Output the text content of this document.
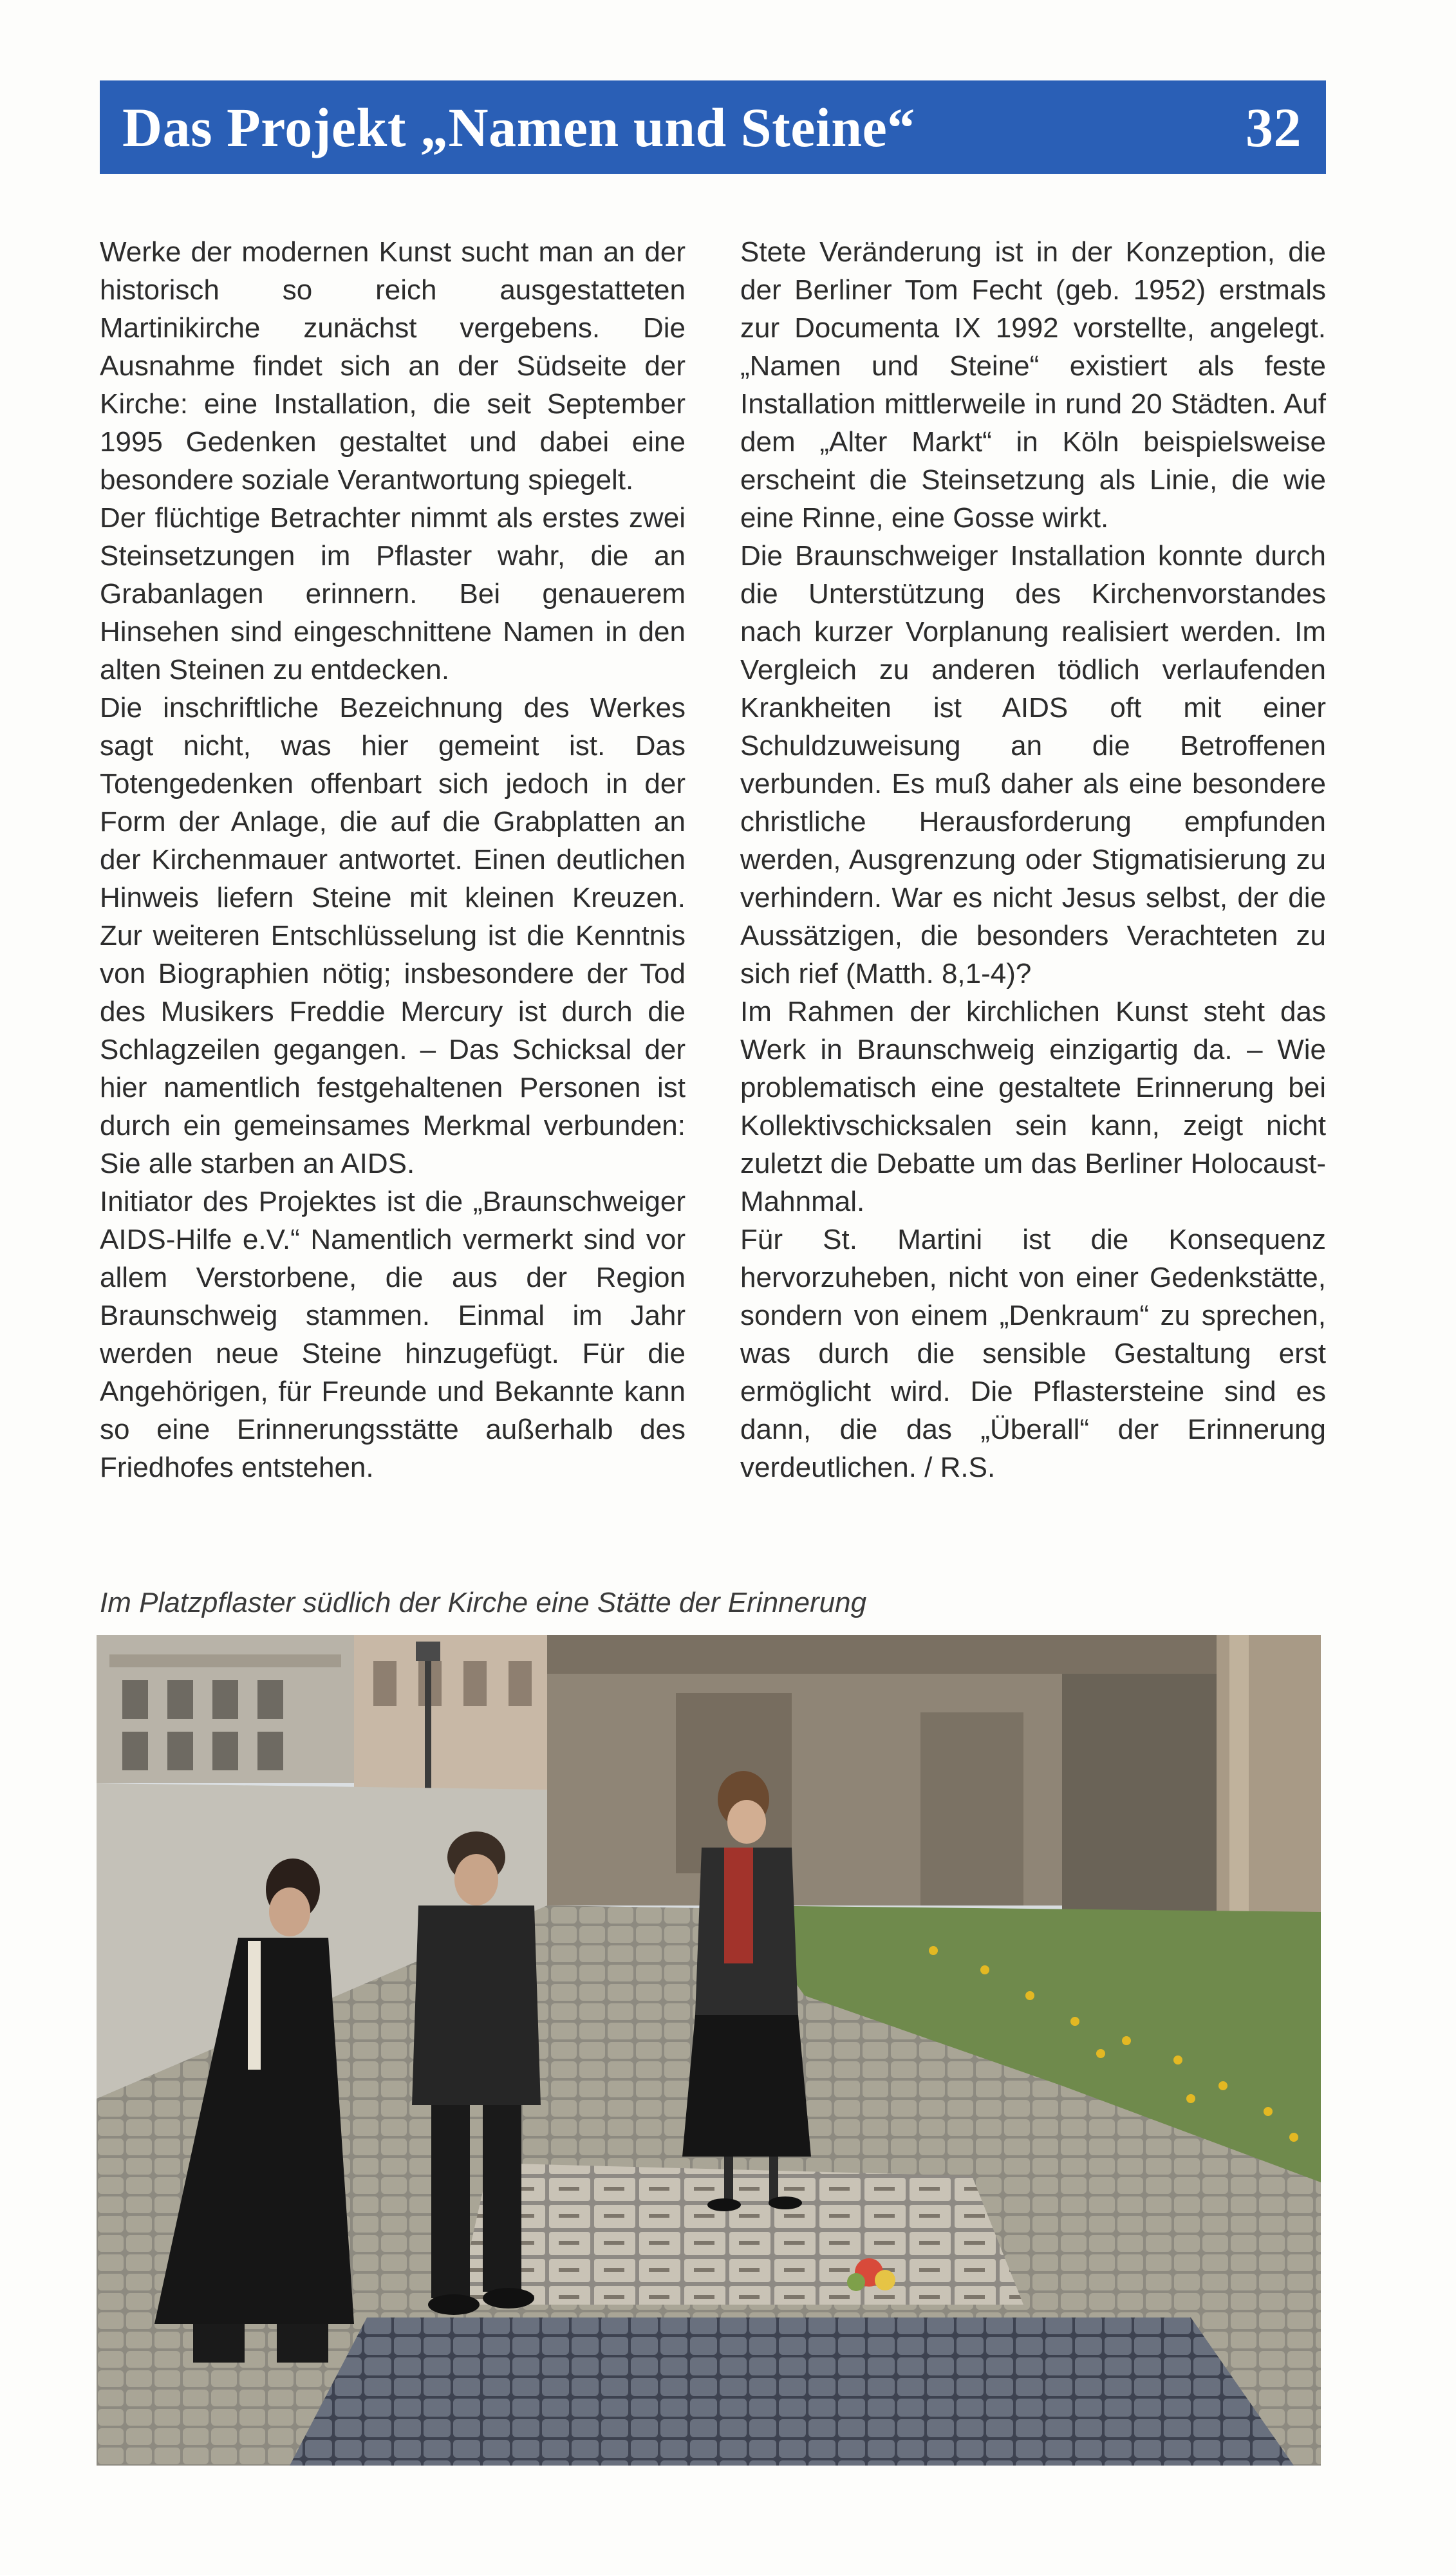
Das Projekt „Namen und Steine“	32

Werke der modernen Kunst sucht man an der historisch so reich ausgestatteten Martinikirche zunächst vergebens. Die Ausnahme findet sich an der Südseite der Kirche: eine Installation, die seit September 1995 Gedenken gestaltet und dabei eine besondere soziale Verantwortung spiegelt.

Der flüchtige Betrachter nimmt als erstes zwei Steinsetzungen im Pflaster wahr, die an Grabanlagen erinnern. Bei genauerem Hinsehen sind eingeschnittene Namen in den alten Steinen zu entdecken.

Die inschriftliche Bezeichnung des Werkes sagt nicht, was hier gemeint ist. Das Totengedenken offenbart sich jedoch in der Form der Anlage, die auf die Grabplatten an der Kirchenmauer antwortet. Einen deutlichen Hinweis liefern Steine mit kleinen Kreuzen. Zur weiteren Entschlüsselung ist die Kenntnis von Biographien nötig; insbesondere der Tod des Musikers Freddie Mercury ist durch die Schlagzeilen gegangen. – Das Schicksal der hier namentlich festgehaltenen Personen ist durch ein gemeinsames Merkmal verbunden: Sie alle starben an AIDS.

Initiator des Projektes ist die „Braunschweiger AIDS-Hilfe e.V.“ Namentlich vermerkt sind vor allem Verstorbene, die aus der Region Braunschweig stammen. Einmal im Jahr werden neue Steine hinzugefügt. Für die Angehörigen, für Freunde und Bekannte kann so eine Erinnerungsstätte außerhalb des Friedhofes entstehen.

Stete Veränderung ist in der Konzeption, die der Berliner Tom Fecht (geb. 1952) erstmals zur Documenta IX 1992 vorstellte, angelegt. „Namen und Steine“ existiert als feste Installation mittlerweile in rund 20 Städten. Auf dem „Alter Markt“ in Köln beispielsweise erscheint die Steinsetzung als Linie, die wie eine Rinne, eine Gosse wirkt.

Die Braunschweiger Installation konnte durch die Unterstützung des Kirchenvorstandes nach kurzer Vorplanung realisiert werden. Im Vergleich zu anderen tödlich verlaufenden Krankheiten ist AIDS oft mit einer Schuldzuweisung an die Betroffenen verbunden. Es muß daher als eine besondere christliche Herausforderung empfunden werden, Ausgrenzung oder Stigmatisierung zu verhindern. War es nicht Jesus selbst, der die Aussätzigen, die besonders Verachteten zu sich rief (Matth. 8,1-4)?

Im Rahmen der kirchlichen Kunst steht das Werk in Braunschweig einzigartig da. – Wie problematisch eine gestaltete Erinnerung bei Kollektivschicksalen sein kann, zeigt nicht zuletzt die Debatte um das Berliner Holocaust-Mahnmal.

Für St. Martini ist die Konsequenz hervorzuheben, nicht von einer Gedenkstätte, sondern von einem „Denkraum“ zu sprechen, was durch die sensible Gestaltung erst ermöglicht wird. Die Pflastersteine sind es dann, die das „Überall“ der Erinnerung verdeutlichen. / R.S.

Im Platzpflaster südlich der Kirche eine Stätte der Erinnerung
